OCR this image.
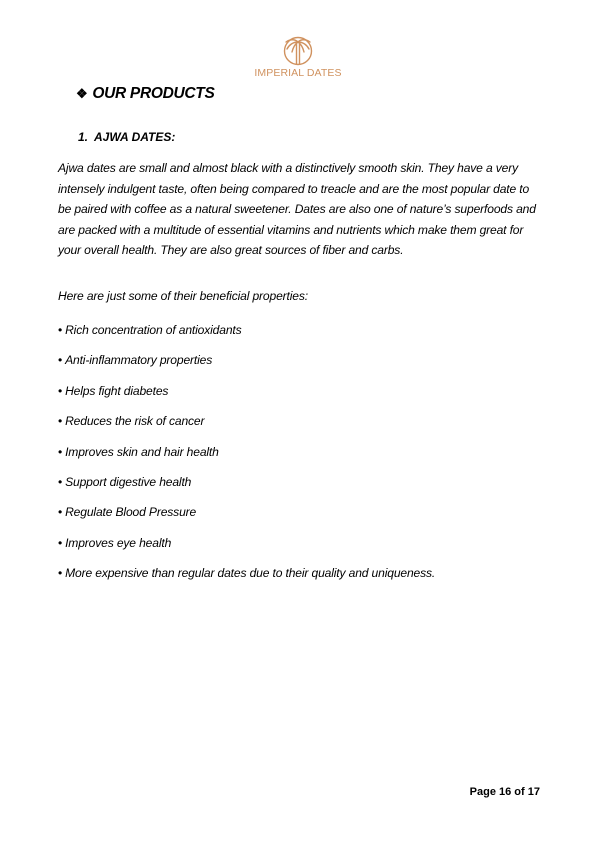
IMPERIAL DATES
❖ OUR PRODUCTS
1. AJWA DATES:
Ajwa dates are small and almost black with a distinctively smooth skin. They have a very intensely indulgent taste, often being compared to treacle and are the most popular date to be paired with coffee as a natural sweetener. Dates are also one of nature’s superfoods and are packed with a multitude of essential vitamins and nutrients which make them great for your overall health. They are also great sources of fiber and carbs.
Here are just some of their beneficial properties:
• Rich concentration of antioxidants
• Anti-inflammatory properties
• Helps fight diabetes
• Reduces the risk of cancer
• Improves skin and hair health
• Support digestive health
• Regulate Blood Pressure
• Improves eye health
• More expensive than regular dates due to their quality and uniqueness.
Page 16 of 17
